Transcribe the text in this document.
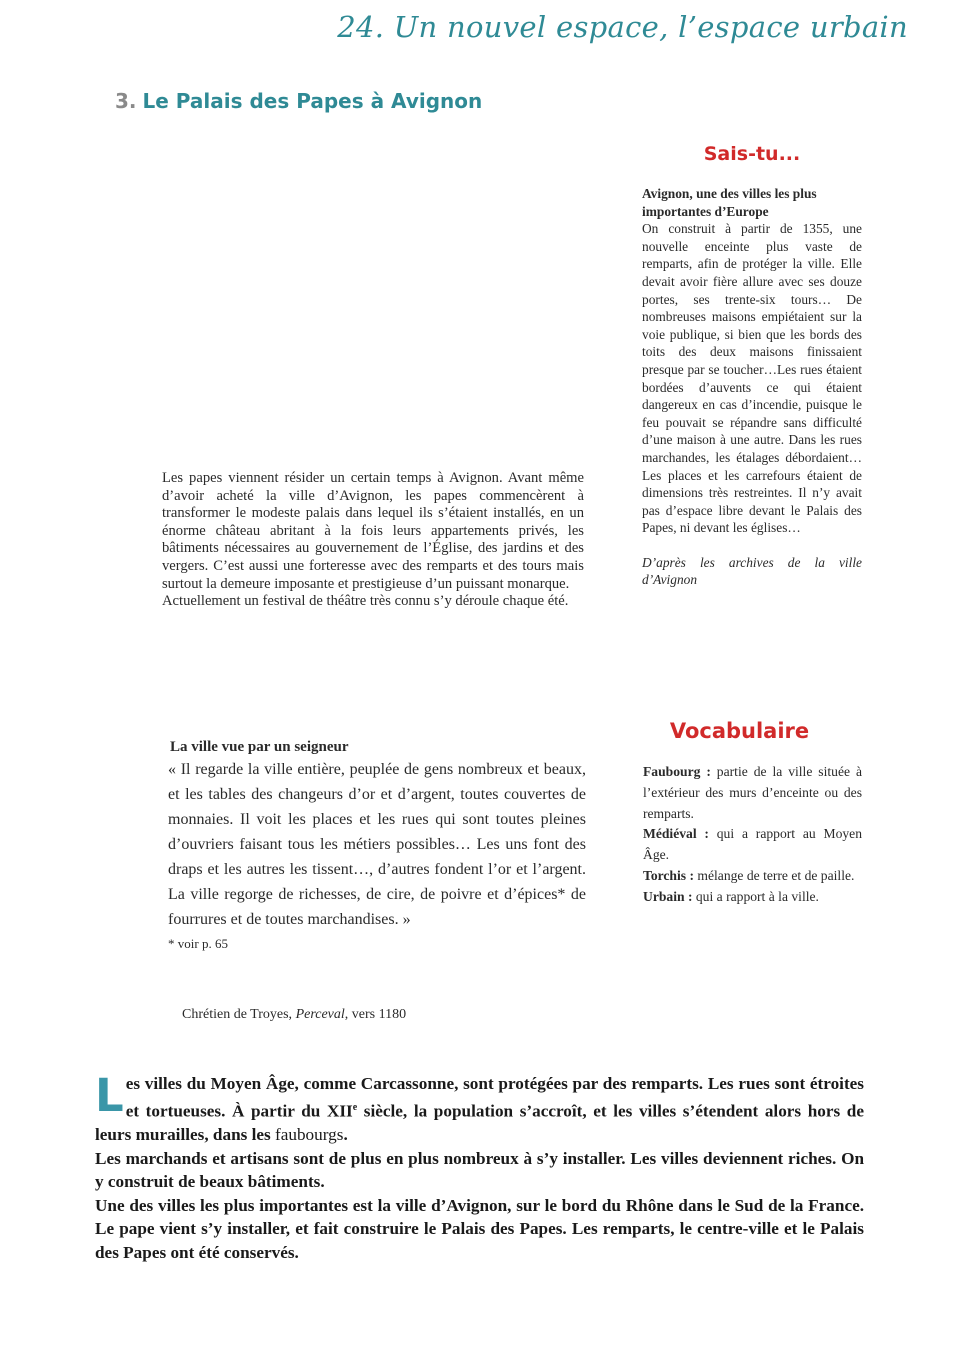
24. Un nouvel espace, l’espace urbain
3. Le Palais des Papes à Avignon
Sais-tu...

Avignon, une des villes les plus importantes d’Europe

On construit à partir de 1355, une nouvelle enceinte plus vaste de remparts, afin de protéger la ville. Elle devait avoir fière allure avec ses douze portes, ses trente-six tours… De nombreuses maisons empiétaient sur la voie publique, si bien que les bords des toits des deux maisons finissaient presque par se toucher…Les rues étaient bordées d’auvents ce qui étaient dangereux en cas d’incendie, puisque le feu pouvait se répandre sans difficulté d’une maison à une autre. Dans les rues marchandes, les étalages débordaient… Les places et les carrefours étaient de dimensions très restreintes. Il n’y avait pas d’espace libre devant le Palais des Papes, ni devant les églises…

D’après les archives de la ville d’Avignon

Les papes viennent résider un certain temps à Avignon. Avant même d’avoir acheté la ville d’Avignon, les papes commencèrent à transformer le modeste palais dans lequel ils s’étaient installés, en un énorme château abritant à la fois leurs appartements privés, les bâtiments nécessaires au gouvernement de l’Église, des jardins et des vergers. C’est aussi une forteresse avec des remparts et des tours mais surtout la demeure imposante et prestigieuse d’un puissant monarque.

Actuellement un festival de théâtre très connu s’y déroule chaque été.

Vocabulaire

La ville vue par un seigneur

« Il regarde la ville entière, peuplée de gens nombreux et beaux, et les tables des changeurs d’or et d’argent, toutes couvertes de monnaies. Il voit les places et les rues qui sont toutes pleines d’ouvriers faisant tous les métiers possibles… Les uns font des draps et les autres les tissent…, d’autres fondent l’or et l’argent. La ville regorge de richesses, de cire, de poivre et d’épices* de fourrures et de toutes marchandises. »

* voir p. 65

Chrétien de Troyes, Perceval, vers 1180

Faubourg : partie de la ville située à l’extérieur des murs d’enceinte ou des remparts.

Médiéval : qui a rapport au Moyen Âge.

Torchis : mélange de terre et de paille.

Urbain : qui a rapport à la ville.

Les villes du Moyen Âge, comme Carcassonne, sont protégées par des remparts. Les rues sont étroites et tortueuses. À partir du XIIe siècle, la population s’accroît, et les villes s’étendent alors hors de leurs murailles, dans les faubourgs.

Les marchands et artisans sont de plus en plus nombreux à s’y installer. Les villes deviennent riches. On y construit de beaux bâtiments.

Une des villes les plus importantes est la ville d’Avignon, sur le bord du Rhône dans le Sud de la France. Le pape vient s’y installer, et fait construire le Palais des Papes. Les remparts, le centre-ville et le Palais des Papes ont été conservés.
